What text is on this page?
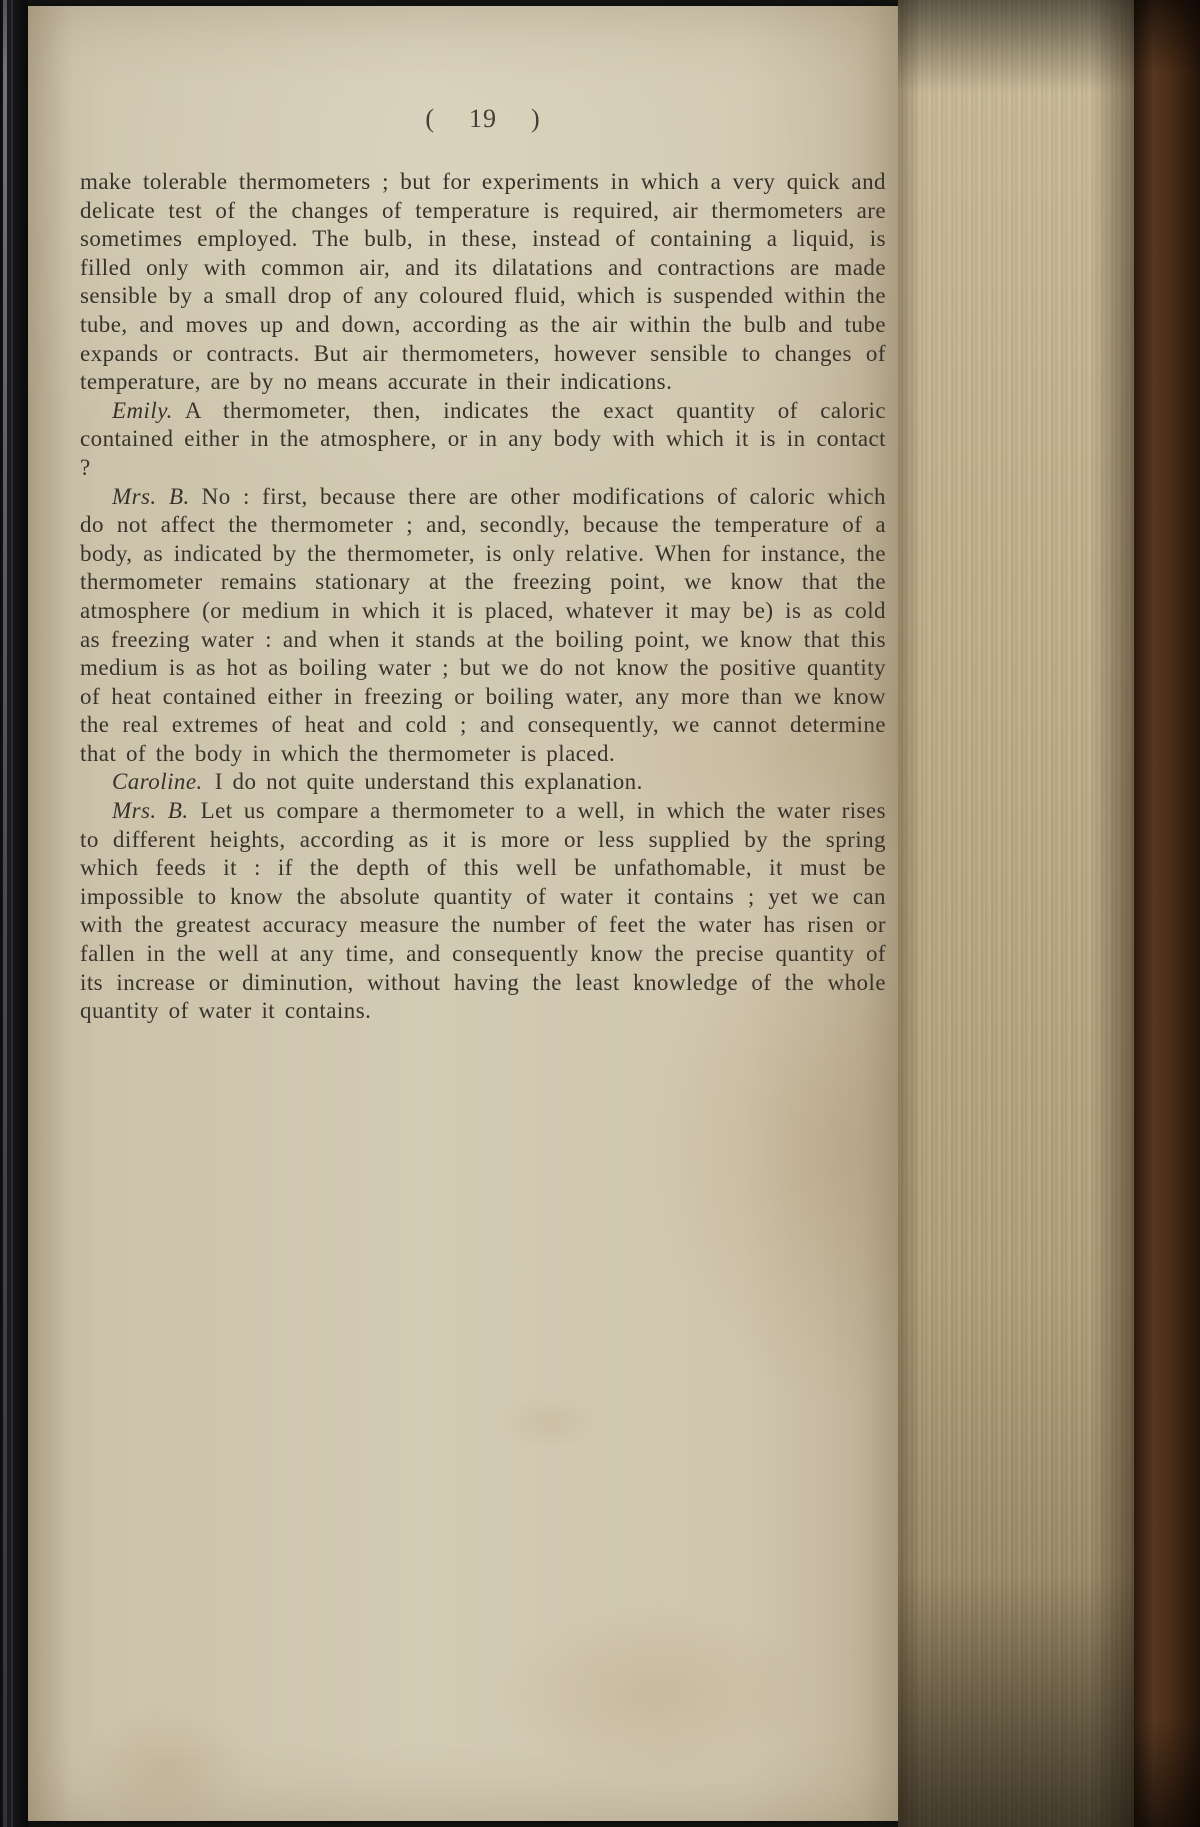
( 19 )

make tolerable thermometers ; but for experiments in which a very quick and delicate test of the changes of temperature is required, air thermometers are sometimes employed. The bulb, in these, instead of containing a liquid, is filled only with common air, and its dilatations and contractions are made sensible by a small drop of any coloured fluid, which is suspended within the tube, and moves up and down, according as the air within the bulb and tube expands or contracts. But air thermometers, however sensible to changes of temperature, are by no means accurate in their indications.

Emily. A thermometer, then, indicates the exact quantity of caloric contained either in the atmosphere, or in any body with which it is in contact ?

Mrs. B. No : first, because there are other modifications of caloric which do not affect the thermometer ; and, secondly, because the temperature of a body, as indicated by the thermometer, is only relative. When for instance, the thermometer remains stationary at the freezing point, we know that the atmosphere (or medium in which it is placed, whatever it may be) is as cold as freezing water : and when it stands at the boiling point, we know that this medium is as hot as boiling water ; but we do not know the positive quantity of heat contained either in freezing or boiling water, any more than we know the real extremes of heat and cold ; and consequently, we cannot determine that of the body in which the thermometer is placed.

Caroline. I do not quite understand this explanation.

Mrs. B. Let us compare a thermometer to a well, in which the water rises to different heights, according as it is more or less supplied by the spring which feeds it : if the depth of this well be unfathomable, it must be impossible to know the absolute quantity of water it contains ; yet we can with the greatest accuracy measure the number of feet the water has risen or fallen in the well at any time, and consequently know the precise quantity of its increase or diminution, without having the least knowledge of the whole quantity of water it contains.
